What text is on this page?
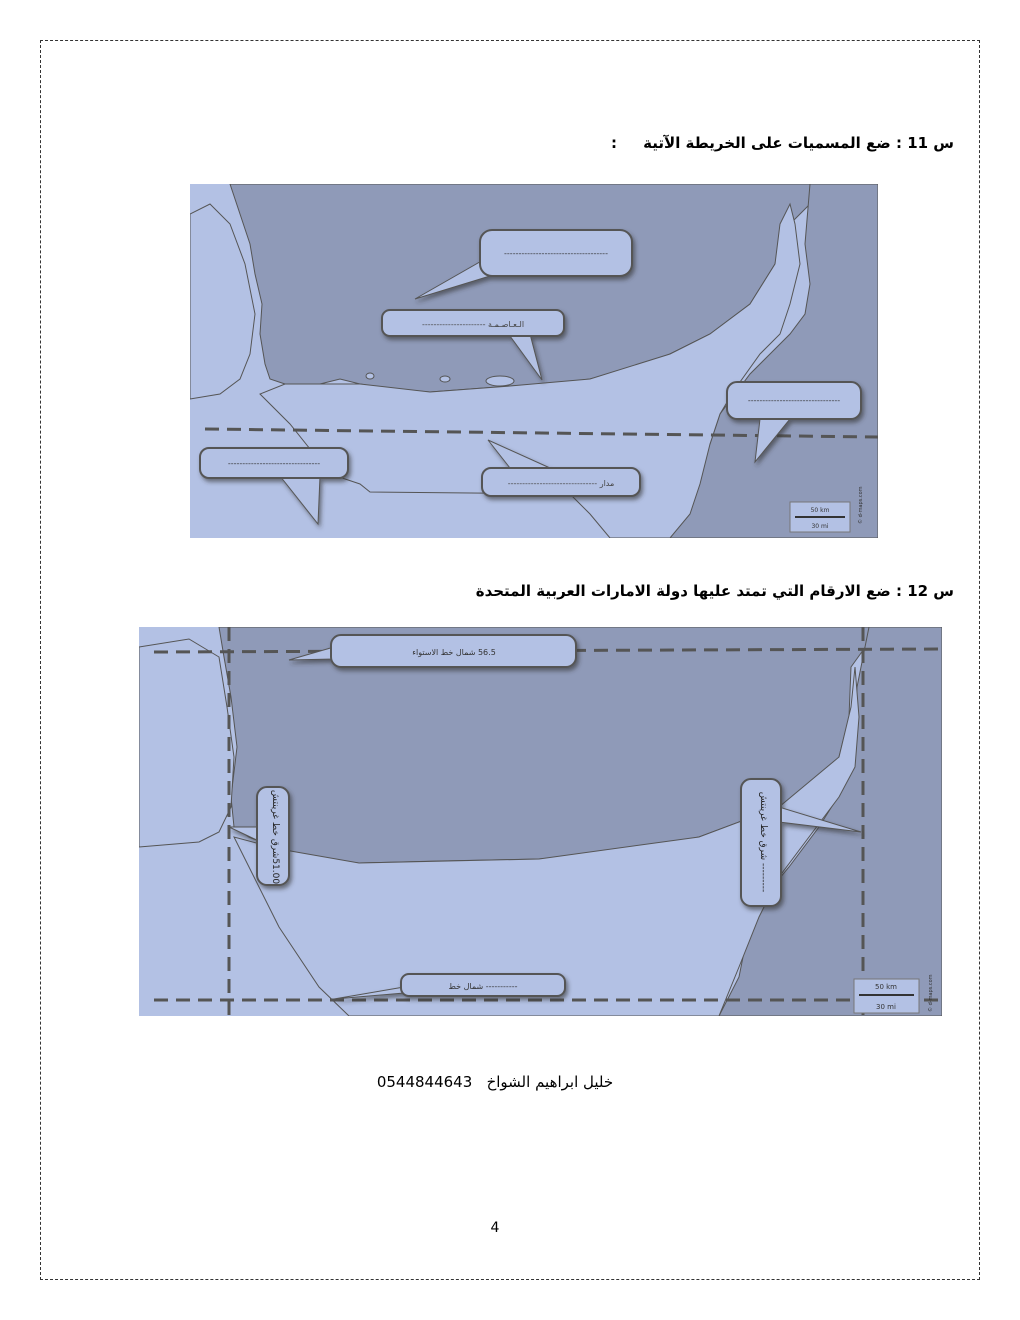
س 11 : ضع المسميات على الخريطة الآتية     :
------------------------------------
الـعـاصـمـة ----------------------
--------------------------------
--------------------------------
مدار -------------------------------
50 km
30 mi
© d-maps.com
س 12 : ضع الارقام التي تمتد عليها دولة الامارات العربية المتحدة
56.5 شمال خط الاستواء
51.00شرق خط غرينتش	--------- شرق خط غرينتش
----------- شمال خط	50 km
30 mi	© d-maps.com
خليل ابراهيم الشواخ   0544844643
4
